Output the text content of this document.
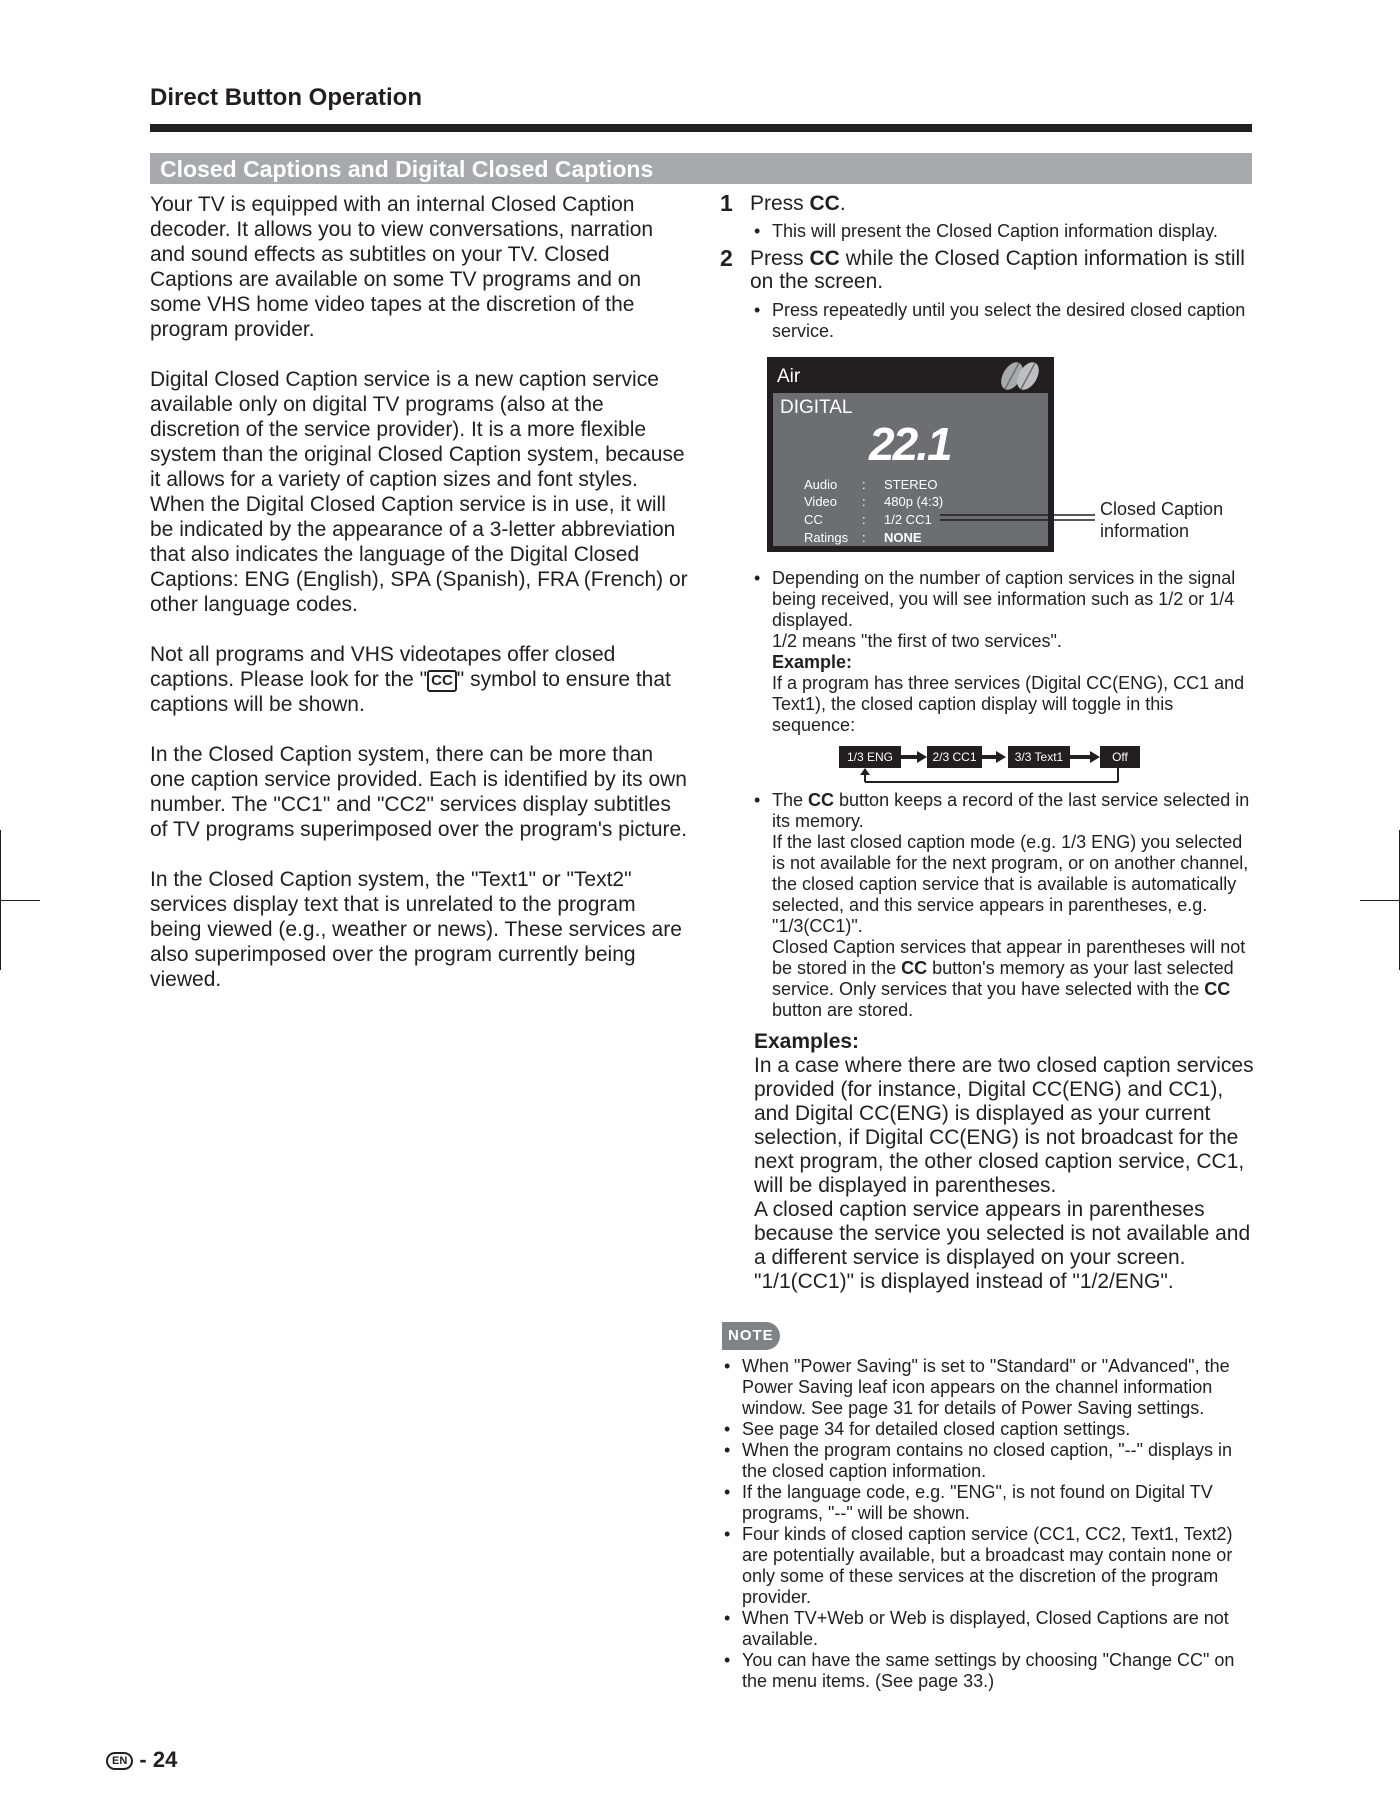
Direct Button Operation
Closed Captions and Digital Closed Captions

Your TV is equipped with an internal Closed Caption decoder. It allows you to view conversations, narration and sound effects as subtitles on your TV. Closed Captions are available on some TV programs and on some VHS home video tapes at the discretion of the program provider.

Digital Closed Caption service is a new caption service available only on digital TV programs (also at the discretion of the service provider). It is a more flexible system than the original Closed Caption system, because it allows for a variety of caption sizes and font styles. When the Digital Closed Caption service is in use, it will be indicated by the appearance of a 3-letter abbreviation that also indicates the language of the Digital Closed Captions: ENG (English), SPA (Spanish), FRA (French) or other language codes.

Not all programs and VHS videotapes offer closed captions. Please look for the " CC " symbol to ensure that captions will be shown.

In the Closed Caption system, there can be more than one caption service provided. Each is identified by its own number. The "CC1" and "CC2" services display subtitles of TV programs superimposed over the program's picture.

In the Closed Caption system, the "Text1" or "Text2" services display text that is unrelated to the program being viewed (e.g., weather or news). These services are also superimposed over the program currently being viewed.

1 Press CC.
• This will present the Closed Caption information display.
2 Press CC while the Closed Caption information is still on the screen.
• Press repeatedly until you select the desired closed caption service.
Air
DIGITAL
22.1
Audio	: STEREO
Video	: 480p (4:3)
CC	: 1/2 CC1
Ratings	: NONE
Closed Caption information
• Depending on the number of caption services in the signal being received, you will see information such as 1/2 or 1/4 displayed.
1/2 means "the first of two services".
Example:
If a program has three services (Digital CC(ENG), CC1 and Text1), the closed caption display will toggle in this sequence:
1/3 ENG	2/3 CC1	3/3 Text1	Off
• The CC button keeps a record of the last service selected in its memory.
If the last closed caption mode (e.g. 1/3 ENG) you selected is not available for the next program, or on another channel, the closed caption service that is available is automatically selected, and this service appears in parentheses, e.g. "1/3(CC1)".
Closed Caption services that appear in parentheses will not be stored in the CC button's memory as your last selected service. Only services that you have selected with the CC button are stored.
Examples:
In a case where there are two closed caption services provided (for instance, Digital CC(ENG) and CC1), and Digital CC(ENG) is displayed as your current selection, if Digital CC(ENG) is not broadcast for the next program, the other closed caption service, CC1, will be displayed in parentheses.
A closed caption service appears in parentheses because the service you selected is not available and a different service is displayed on your screen. "1/1(CC1)" is displayed instead of "1/2/ENG".
NOTE
• When "Power Saving" is set to "Standard" or "Advanced", the Power Saving leaf icon appears on the channel information window. See page 31 for details of Power Saving settings.
• See page 34 for detailed closed caption settings.
• When the program contains no closed caption, "--" displays in the closed caption information.
• If the language code, e.g. "ENG", is not found on Digital TV programs, "--" will be shown.
• Four kinds of closed caption service (CC1, CC2, Text1, Text2) are potentially available, but a broadcast may contain none or only some of these services at the discretion of the program provider.
• When TV+Web or Web is displayed, Closed Captions are not available.
• You can have the same settings by choosing "Change CC" on the menu items. (See page 33.)
EN - 24
